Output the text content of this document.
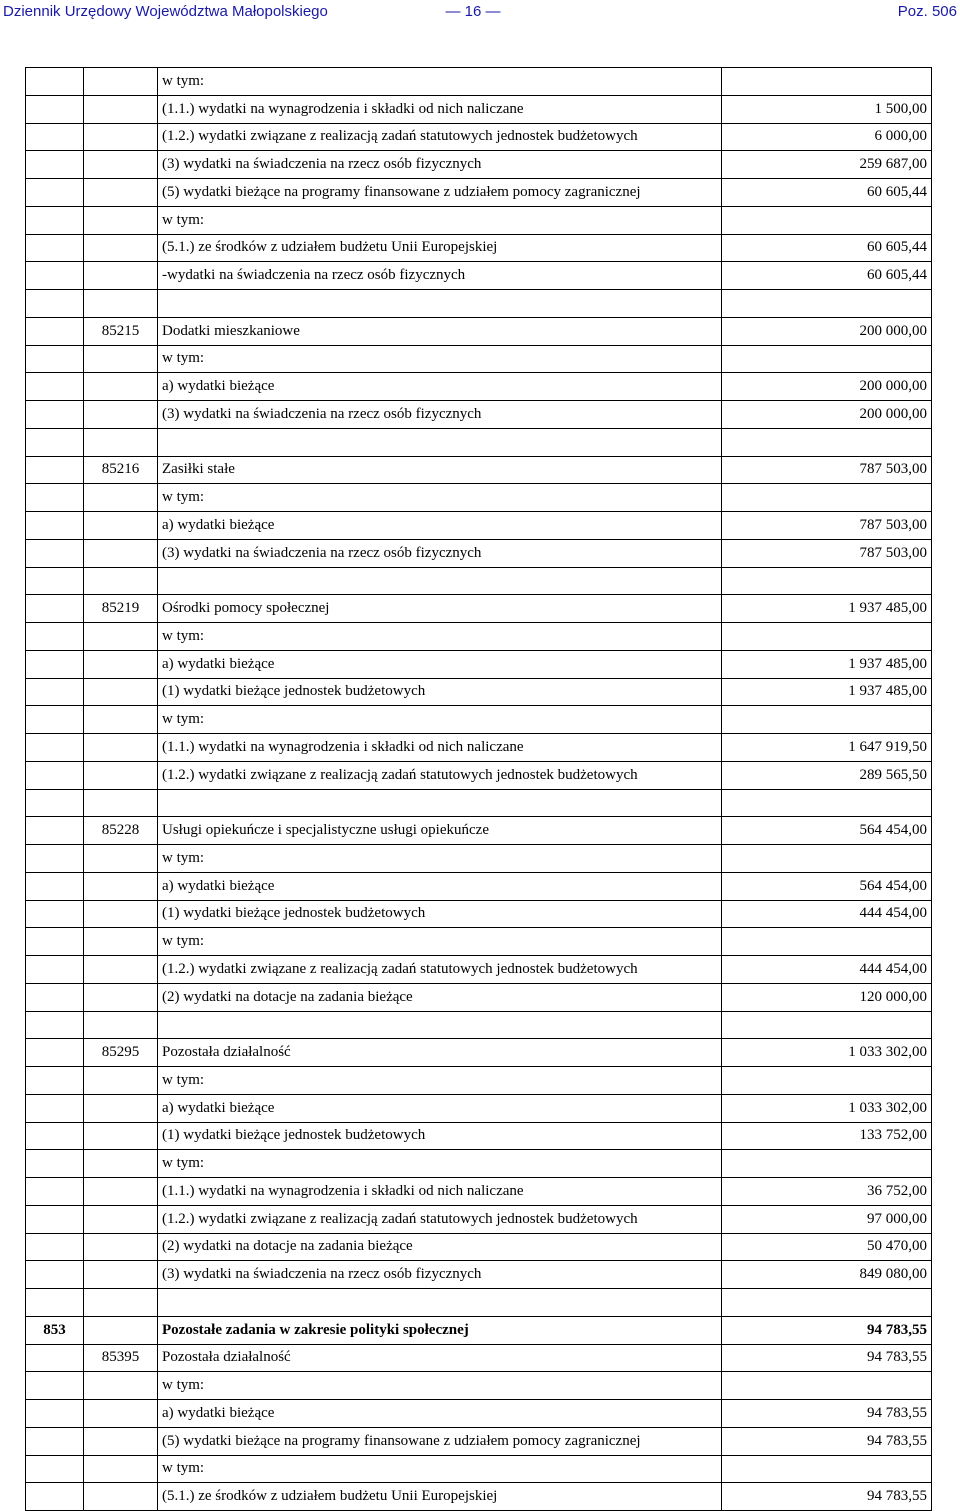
Dziennik Urzędowy Województwa Małopolskiego	— 16 —	Poz. 506
		w tym:	
		(1.1.) wydatki na wynagrodzenia i składki od nich naliczane	1 500,00
		(1.2.) wydatki związane z realizacją zadań statutowych jednostek budżetowych	6 000,00
		(3) wydatki na świadczenia na rzecz osób fizycznych	259 687,00
		(5) wydatki bieżące na programy finansowane z udziałem pomocy zagranicznej	60 605,44
		w tym:	
		(5.1.) ze środków z udziałem budżetu Unii Europejskiej	60 605,44
		-wydatki na świadczenia na rzecz osób fizycznych	60 605,44

	85215	Dodatki mieszkaniowe	200 000,00
		w tym:	
		a) wydatki bieżące	200 000,00
		(3) wydatki na świadczenia na rzecz osób fizycznych	200 000,00

	85216	Zasiłki stałe	787 503,00
		w tym:	
		a) wydatki bieżące	787 503,00
		(3) wydatki na świadczenia na rzecz osób fizycznych	787 503,00

	85219	Ośrodki pomocy społecznej	1 937 485,00
		w tym:	
		a) wydatki bieżące	1 937 485,00
		(1) wydatki bieżące jednostek budżetowych	1 937 485,00
		w tym:	
		(1.1.) wydatki na wynagrodzenia i składki od nich naliczane	1 647 919,50
		(1.2.) wydatki związane z realizacją zadań statutowych jednostek budżetowych	289 565,50

	85228	Usługi opiekuńcze i specjalistyczne usługi opiekuńcze	564 454,00
		w tym:	
		a) wydatki bieżące	564 454,00
		(1) wydatki bieżące jednostek budżetowych	444 454,00
		w tym:	
		(1.2.) wydatki związane z realizacją zadań statutowych jednostek budżetowych	444 454,00
		(2) wydatki na dotacje na zadania bieżące	120 000,00

	85295	Pozostała działalność	1 033 302,00
		w tym:	
		a) wydatki bieżące	1 033 302,00
		(1) wydatki bieżące jednostek budżetowych	133 752,00
		w tym:	
		(1.1.) wydatki na wynagrodzenia i składki od nich naliczane	36 752,00
		(1.2.) wydatki związane z realizacją zadań statutowych jednostek budżetowych	97 000,00
		(2) wydatki na dotacje na zadania bieżące	50 470,00
		(3) wydatki na świadczenia na rzecz osób fizycznych	849 080,00

853		Pozostałe zadania w zakresie polityki społecznej	94 783,55
	85395	Pozostała działalność	94 783,55
		w tym:	
		a) wydatki bieżące	94 783,55
		(5) wydatki bieżące na programy finansowane z udziałem pomocy zagranicznej	94 783,55
		w tym:	
		(5.1.) ze środków z udziałem budżetu Unii Europejskiej	94 783,55
